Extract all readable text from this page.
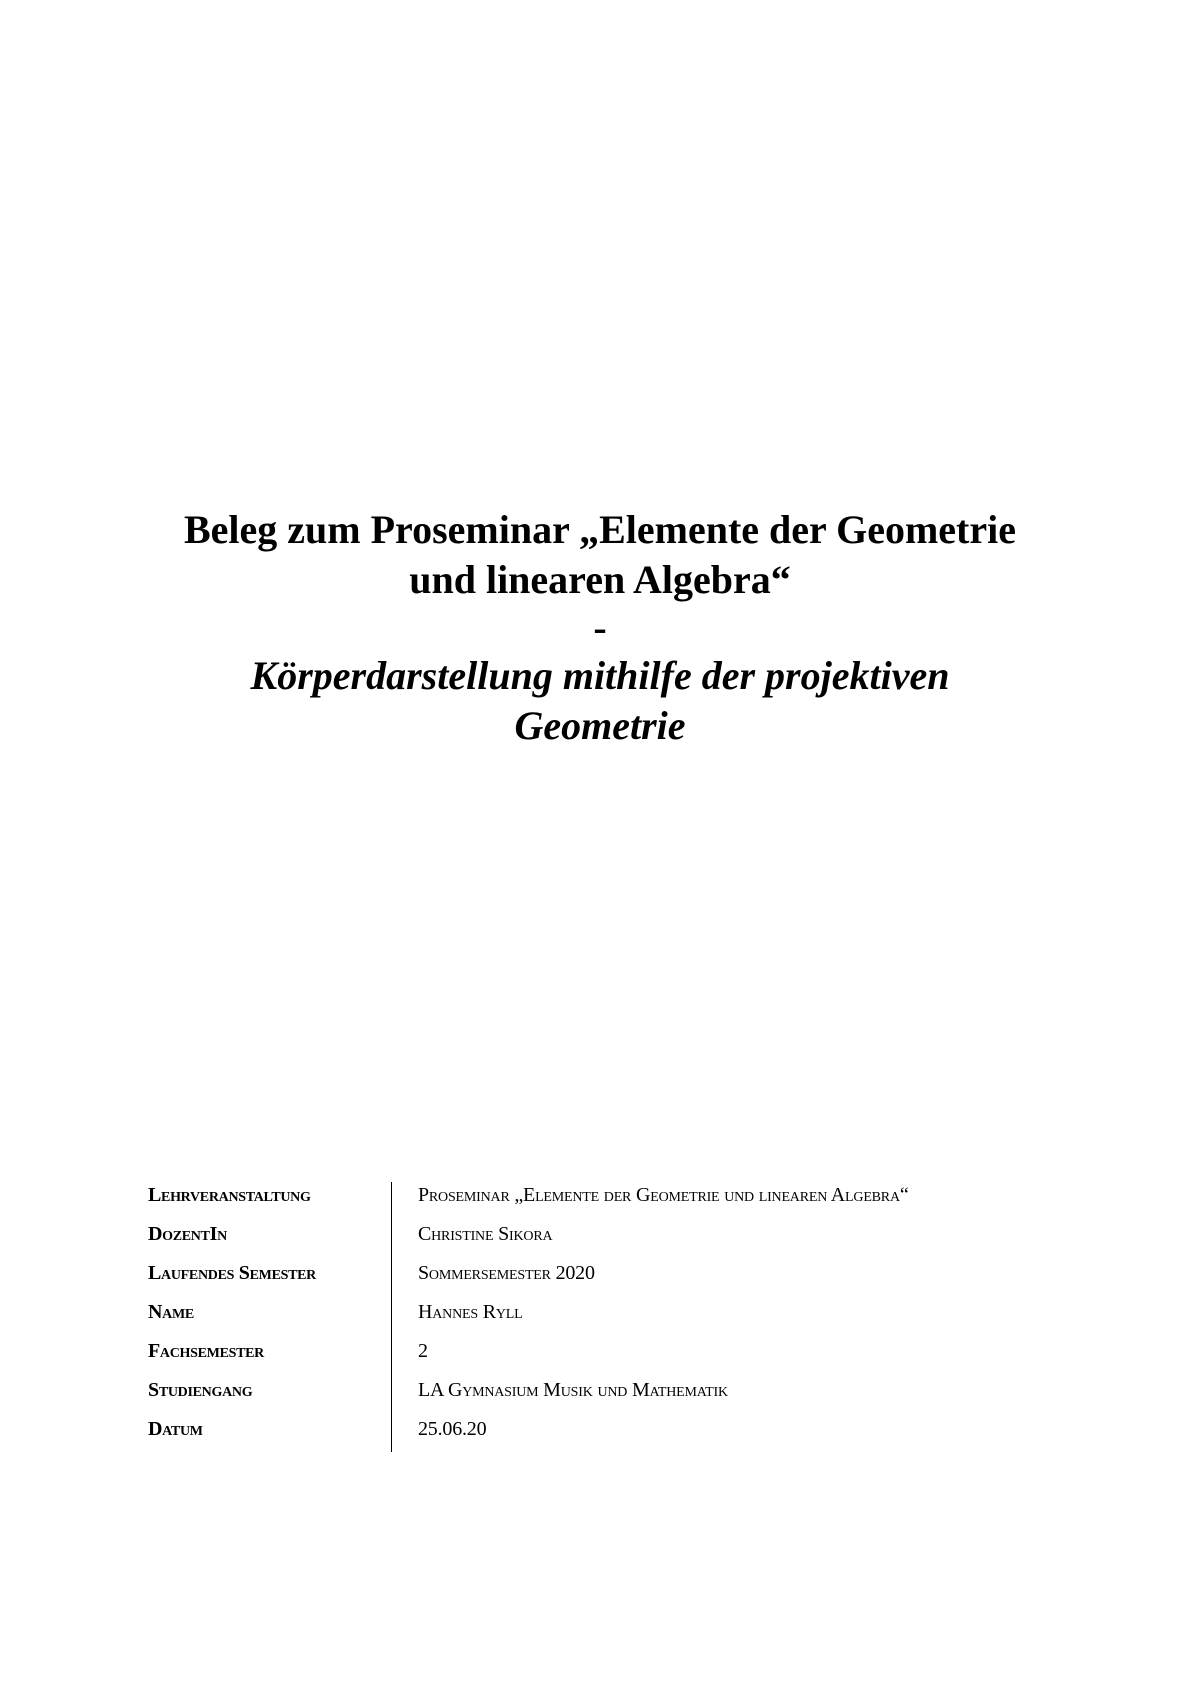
Beleg zum Proseminar „Elemente der Geometrie
und linearen Algebra“
-
Körperdarstellung mithilfe der projektiven
Geometrie
Lehrveranstaltung	Proseminar „Elemente der Geometrie und linearen Algebra“
DozentIn	Christine Sikora
Laufendes Semester	Sommersemester 2020
Name	Hannes Ryll
Fachsemester	2
Studiengang	LA Gymnasium Musik und Mathematik
Datum	25.06.20
